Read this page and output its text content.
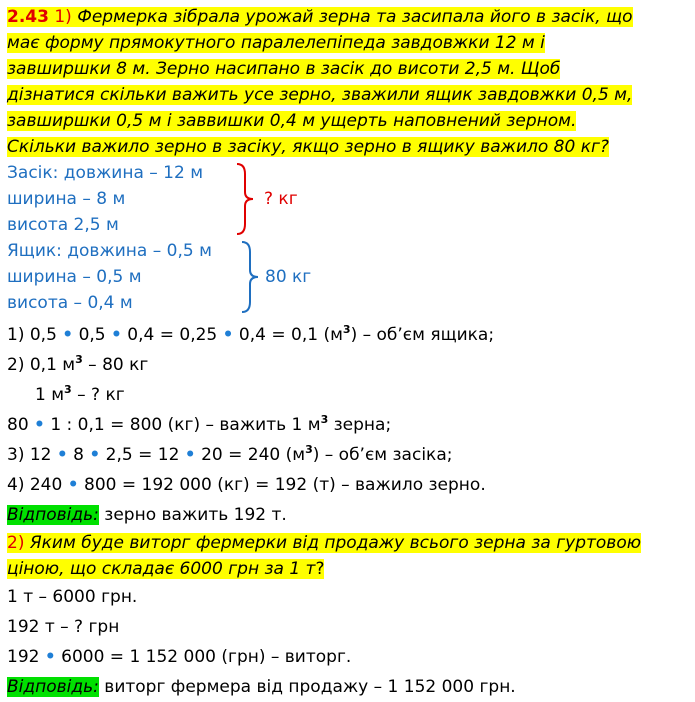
2.43 1) Фермерка зібрала урожай зерна та засипала його в засік, що
має форму прямокутного паралелепіпеда завдовжки 12 м і
завширшки 8 м. Зерно насипано в засік до висоти 2,5 м. Щоб
дізнатися скільки важить усе зерно, зважили ящик завдовжки 0,5 м,
завширшки 0,5 м і заввишки 0,4 м ущерть наповнений зерном.
Скільки важило зерно в засіку, якщо зерно в ящику важило 80 кг?
Засік: довжина – 12 м
ширина – 8 м
висота 2,5 м
? кг
Ящик: довжина – 0,5 м
ширина – 0,5 м
висота – 0,4 м
80 кг
1) 0,5 • 0,5 • 0,4 = 0,25 • 0,4 = 0,1 $(м^3)$ – об’єм ящика;
2) 0,1 $м^3 - 80$ кг
1 $м^3$ – ? кг
80 • 1 : 0,1 = 800 (кг) – важить 1 $м^3$ зерна;
3) 12 • 8 • 2,5 = 12 • 20 = 240 $(м^3)$ – об’єм засіка;
4) 240 • 800 = 192 000 (кг) = 192 (т) – важило зерно.
Відповідь: зерно важить 192 т.
2) Яким буде виторг фермерки від продажу всього зерна за гуртовою
ціною, що складає 6000 грн за 1 т?
1 т – 6000 грн.
192 т – ? грн
192 • 6000 = 1 152 000 (грн) – виторг.
Відповідь: виторг фермера від продажу – 1 152 000 грн.
